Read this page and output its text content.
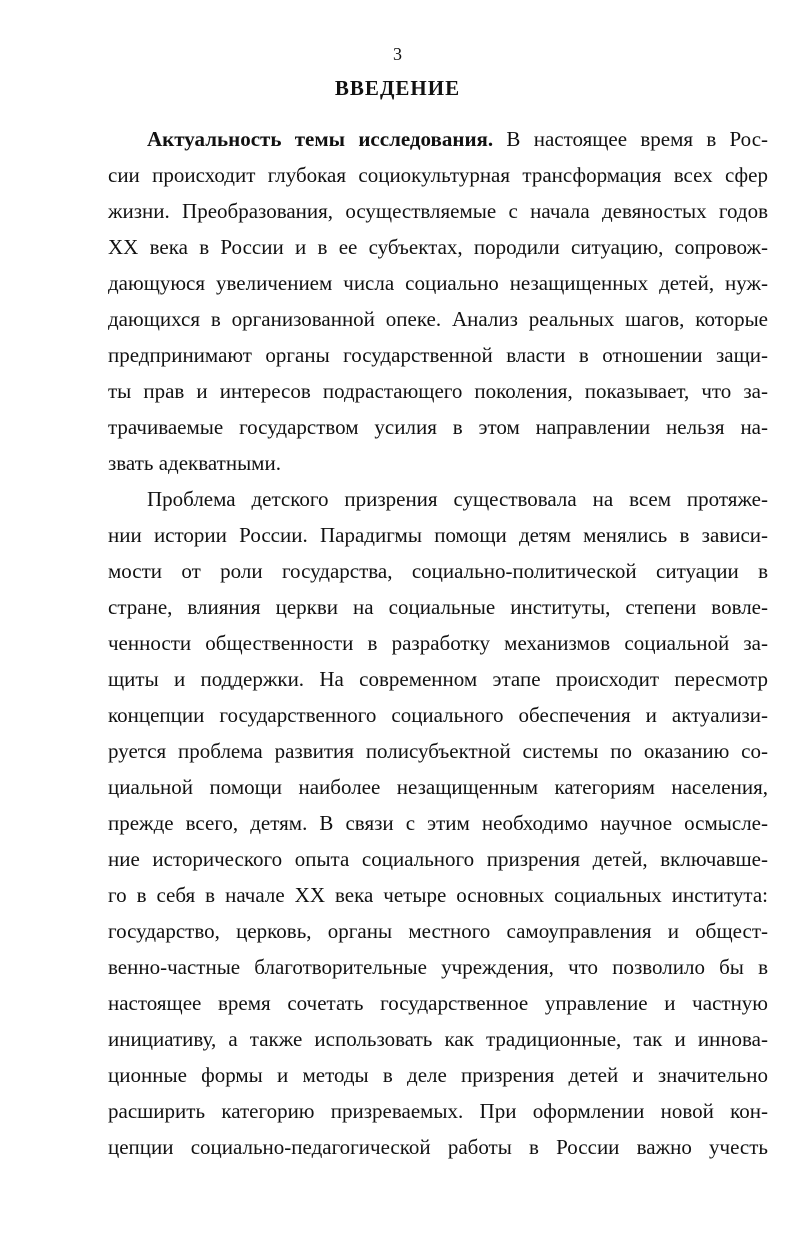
3
ВВЕДЕНИЕ
Актуальность темы исследования. В настоящее время в Рос-
сии происходит глубокая социокультурная трансформация всех сфер
жизни. Преобразования, осуществляемые с начала девяностых годов
XX века в России и в ее субъектах, породили ситуацию, сопровож-
дающуюся увеличением числа социально незащищенных детей, нуж-
дающихся в организованной опеке. Анализ реальных шагов, которые
предпринимают органы государственной власти в отношении защи-
ты прав и интересов подрастающего поколения, показывает, что за-
трачиваемые государством усилия в этом направлении нельзя на-
звать адекватными.
Проблема детского призрения существовала на всем протяже-
нии истории России. Парадигмы помощи детям менялись в зависи-
мости от роли государства, социально-политической ситуации в
стране, влияния церкви на социальные институты, степени вовле-
ченности общественности в разработку механизмов социальной за-
щиты и поддержки. На современном этапе происходит пересмотр
концепции государственного социального обеспечения и актуализи-
руется проблема развития полисубъектной системы по оказанию со-
циальной помощи наиболее незащищенным категориям населения,
прежде всего, детям. В связи с этим необходимо научное осмысле-
ние исторического опыта социального призрения детей, включавше-
го в себя в начале XX века четыре основных социальных института:
государство, церковь, органы местного самоуправления и общест-
венно-частные благотворительные учреждения, что позволило бы в
настоящее время сочетать государственное управление и частную
инициативу, а также использовать как традиционные, так и иннова-
ционные формы и методы в деле призрения детей и значительно
расширить категорию призреваемых. При оформлении новой кон-
цепции социально-педагогической работы в России важно учесть
